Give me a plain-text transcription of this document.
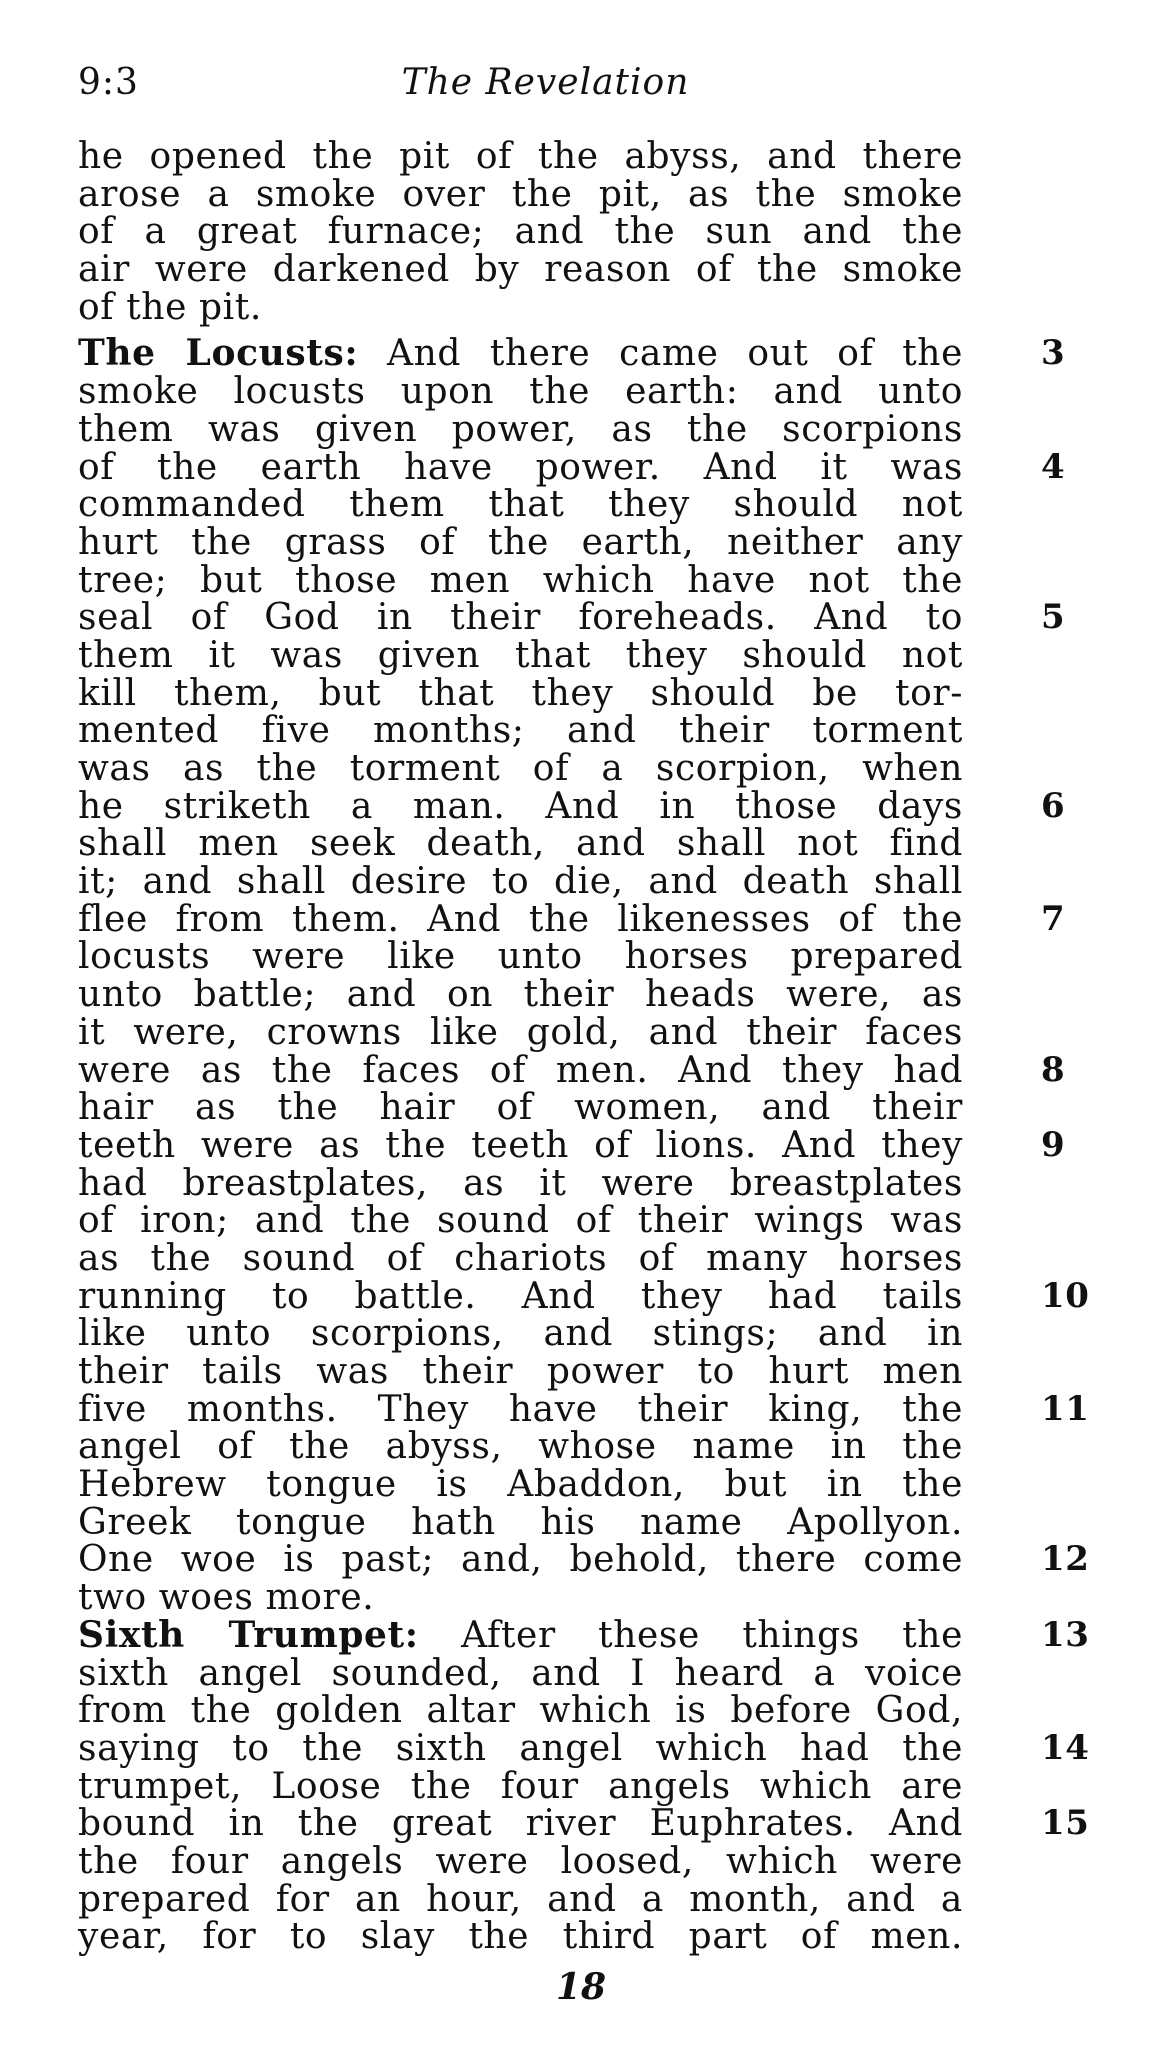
9:3	The Revelation
he opened the pit of the abyss, and there
arose a smoke over the pit, as the smoke
of a great furnace; and the sun and the
air were darkened by reason of the smoke
of the pit.
The Locusts: And there came out of the 3
smoke locusts upon the earth: and unto
them was given power, as the scorpions
of the earth have power. And it was 4
commanded them that they should not
hurt the grass of the earth, neither any
tree; but those men which have not the
seal of God in their foreheads. And to 5
them it was given that they should not
kill them, but that they should be tor-
mented five months; and their torment
was as the torment of a scorpion, when
he striketh a man. And in those days 6
shall men seek death, and shall not find
it; and shall desire to die, and death shall
flee from them. And the likenesses of the 7
locusts were like unto horses prepared
unto battle; and on their heads were, as
it were, crowns like gold, and their faces
were as the faces of men. And they had 8
hair as the hair of women, and their
teeth were as the teeth of lions. And they 9
had breastplates, as it were breastplates
of iron; and the sound of their wings was
as the sound of chariots of many horses
running to battle. And they had tails 10
like unto scorpions, and stings; and in
their tails was their power to hurt men
five months. They have their king, the 11
angel of the abyss, whose name in the
Hebrew tongue is Abaddon, but in the
Greek tongue hath his name Apollyon.
One woe is past; and, behold, there come 12
two woes more.
Sixth Trumpet: After these things the 13
sixth angel sounded, and I heard a voice
from the golden altar which is before God,
saying to the sixth angel which had the 14
trumpet, Loose the four angels which are
bound in the great river Euphrates. And 15
the four angels were loosed, which were
prepared for an hour, and a month, and a
year, for to slay the third part of men.
18
